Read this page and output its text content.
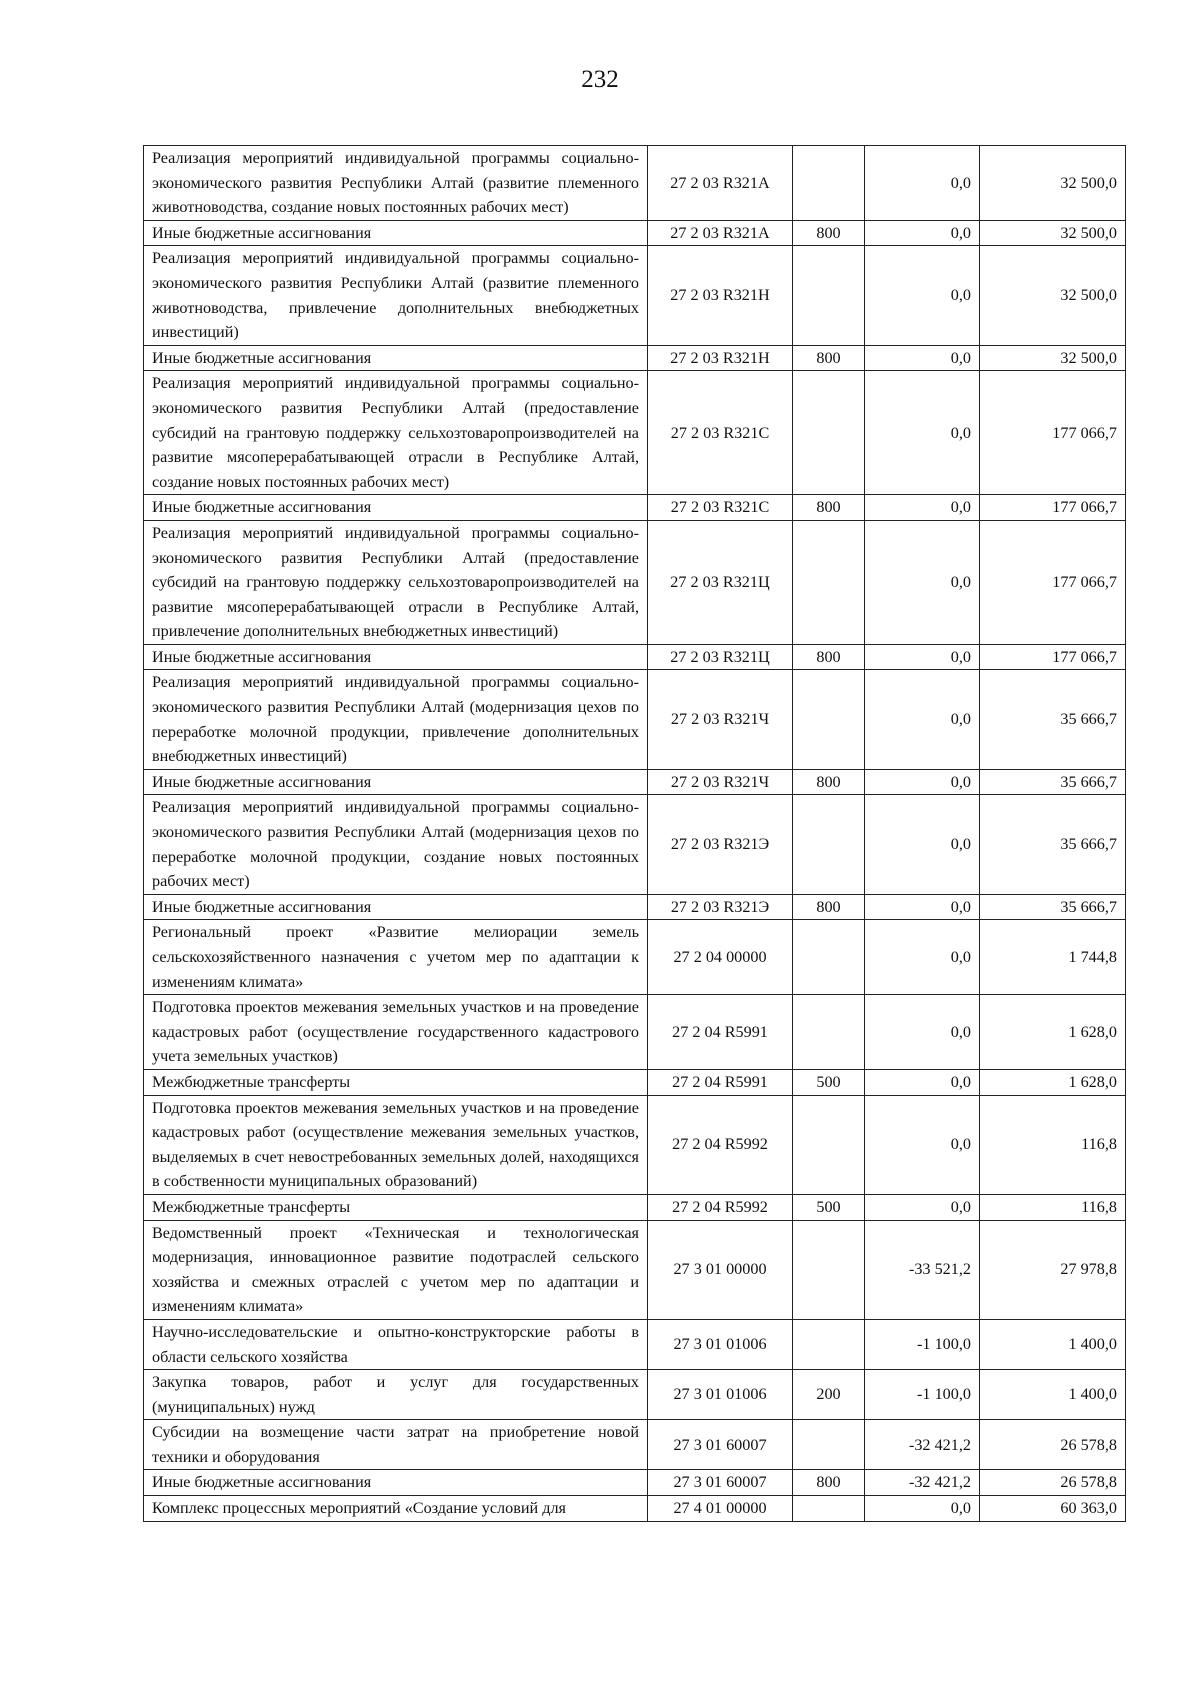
232
Реализация мероприятий индивидуальной программы социально-экономического развития Республики Алтай (развитие племенного животноводства, создание новых постоянных рабочих мест)	27 2 03 R321А		0,0	32 500,0
Иные бюджетные ассигнования	27 2 03 R321А	800	0,0	32 500,0
Реализация мероприятий индивидуальной программы социально-экономического развития Республики Алтай (развитие племенного животноводства, привлечение дополнительных внебюджетных инвестиций)	27 2 03 R321Н		0,0	32 500,0
Иные бюджетные ассигнования	27 2 03 R321Н	800	0,0	32 500,0
Реализация мероприятий индивидуальной программы социально-экономического развития Республики Алтай (предоставление субсидий на грантовую поддержку сельхозтоваропроизводителей на развитие мясоперерабатывающей отрасли в Республике Алтай, создание новых постоянных рабочих мест)	27 2 03 R321С		0,0	177 066,7
Иные бюджетные ассигнования	27 2 03 R321С	800	0,0	177 066,7
Реализация мероприятий индивидуальной программы социально-экономического развития Республики Алтай (предоставление субсидий на грантовую поддержку сельхозтоваропроизводителей на развитие мясоперерабатывающей отрасли в Республике Алтай, привлечение дополнительных внебюджетных инвестиций)	27 2 03 R321Ц		0,0	177 066,7
Иные бюджетные ассигнования	27 2 03 R321Ц	800	0,0	177 066,7
Реализация мероприятий индивидуальной программы социально-экономического развития Республики Алтай (модернизация цехов по переработке молочной продукции, привлечение дополнительных внебюджетных инвестиций)	27 2 03 R321Ч		0,0	35 666,7
Иные бюджетные ассигнования	27 2 03 R321Ч	800	0,0	35 666,7
Реализация мероприятий индивидуальной программы социально-экономического развития Республики Алтай (модернизация цехов по переработке молочной продукции, создание новых постоянных рабочих мест)	27 2 03 R321Э		0,0	35 666,7
Иные бюджетные ассигнования	27 2 03 R321Э	800	0,0	35 666,7
Региональный проект «Развитие мелиорации земель сельскохозяйственного назначения с учетом мер по адаптации к изменениям климата»	27 2 04 00000		0,0	1 744,8
Подготовка проектов межевания земельных участков и на проведение кадастровых работ (осуществление государственного кадастрового учета земельных участков)	27 2 04 R5991		0,0	1 628,0
Межбюджетные трансферты	27 2 04 R5991	500	0,0	1 628,0
Подготовка проектов межевания земельных участков и на проведение кадастровых работ (осуществление межевания земельных участков, выделяемых в счет невостребованных земельных долей, находящихся в собственности муниципальных образований)	27 2 04 R5992		0,0	116,8
Межбюджетные трансферты	27 2 04 R5992	500	0,0	116,8
Ведомственный проект «Техническая и технологическая модернизация, инновационное развитие подотраслей сельского хозяйства и смежных отраслей с учетом мер по адаптации и изменениям климата»	27 3 01 00000		-33 521,2	27 978,8
Научно-исследовательские и опытно-конструкторские работы в области сельского хозяйства	27 3 01 01006		-1 100,0	1 400,0
Закупка товаров, работ и услуг для государственных (муниципальных) нужд	27 3 01 01006	200	-1 100,0	1 400,0
Субсидии на возмещение части затрат на приобретение новой техники и оборудования	27 3 01 60007		-32 421,2	26 578,8
Иные бюджетные ассигнования	27 3 01 60007	800	-32 421,2	26 578,8
Комплекс процессных мероприятий «Создание условий для	27 4 01 00000		0,0	60 363,0
